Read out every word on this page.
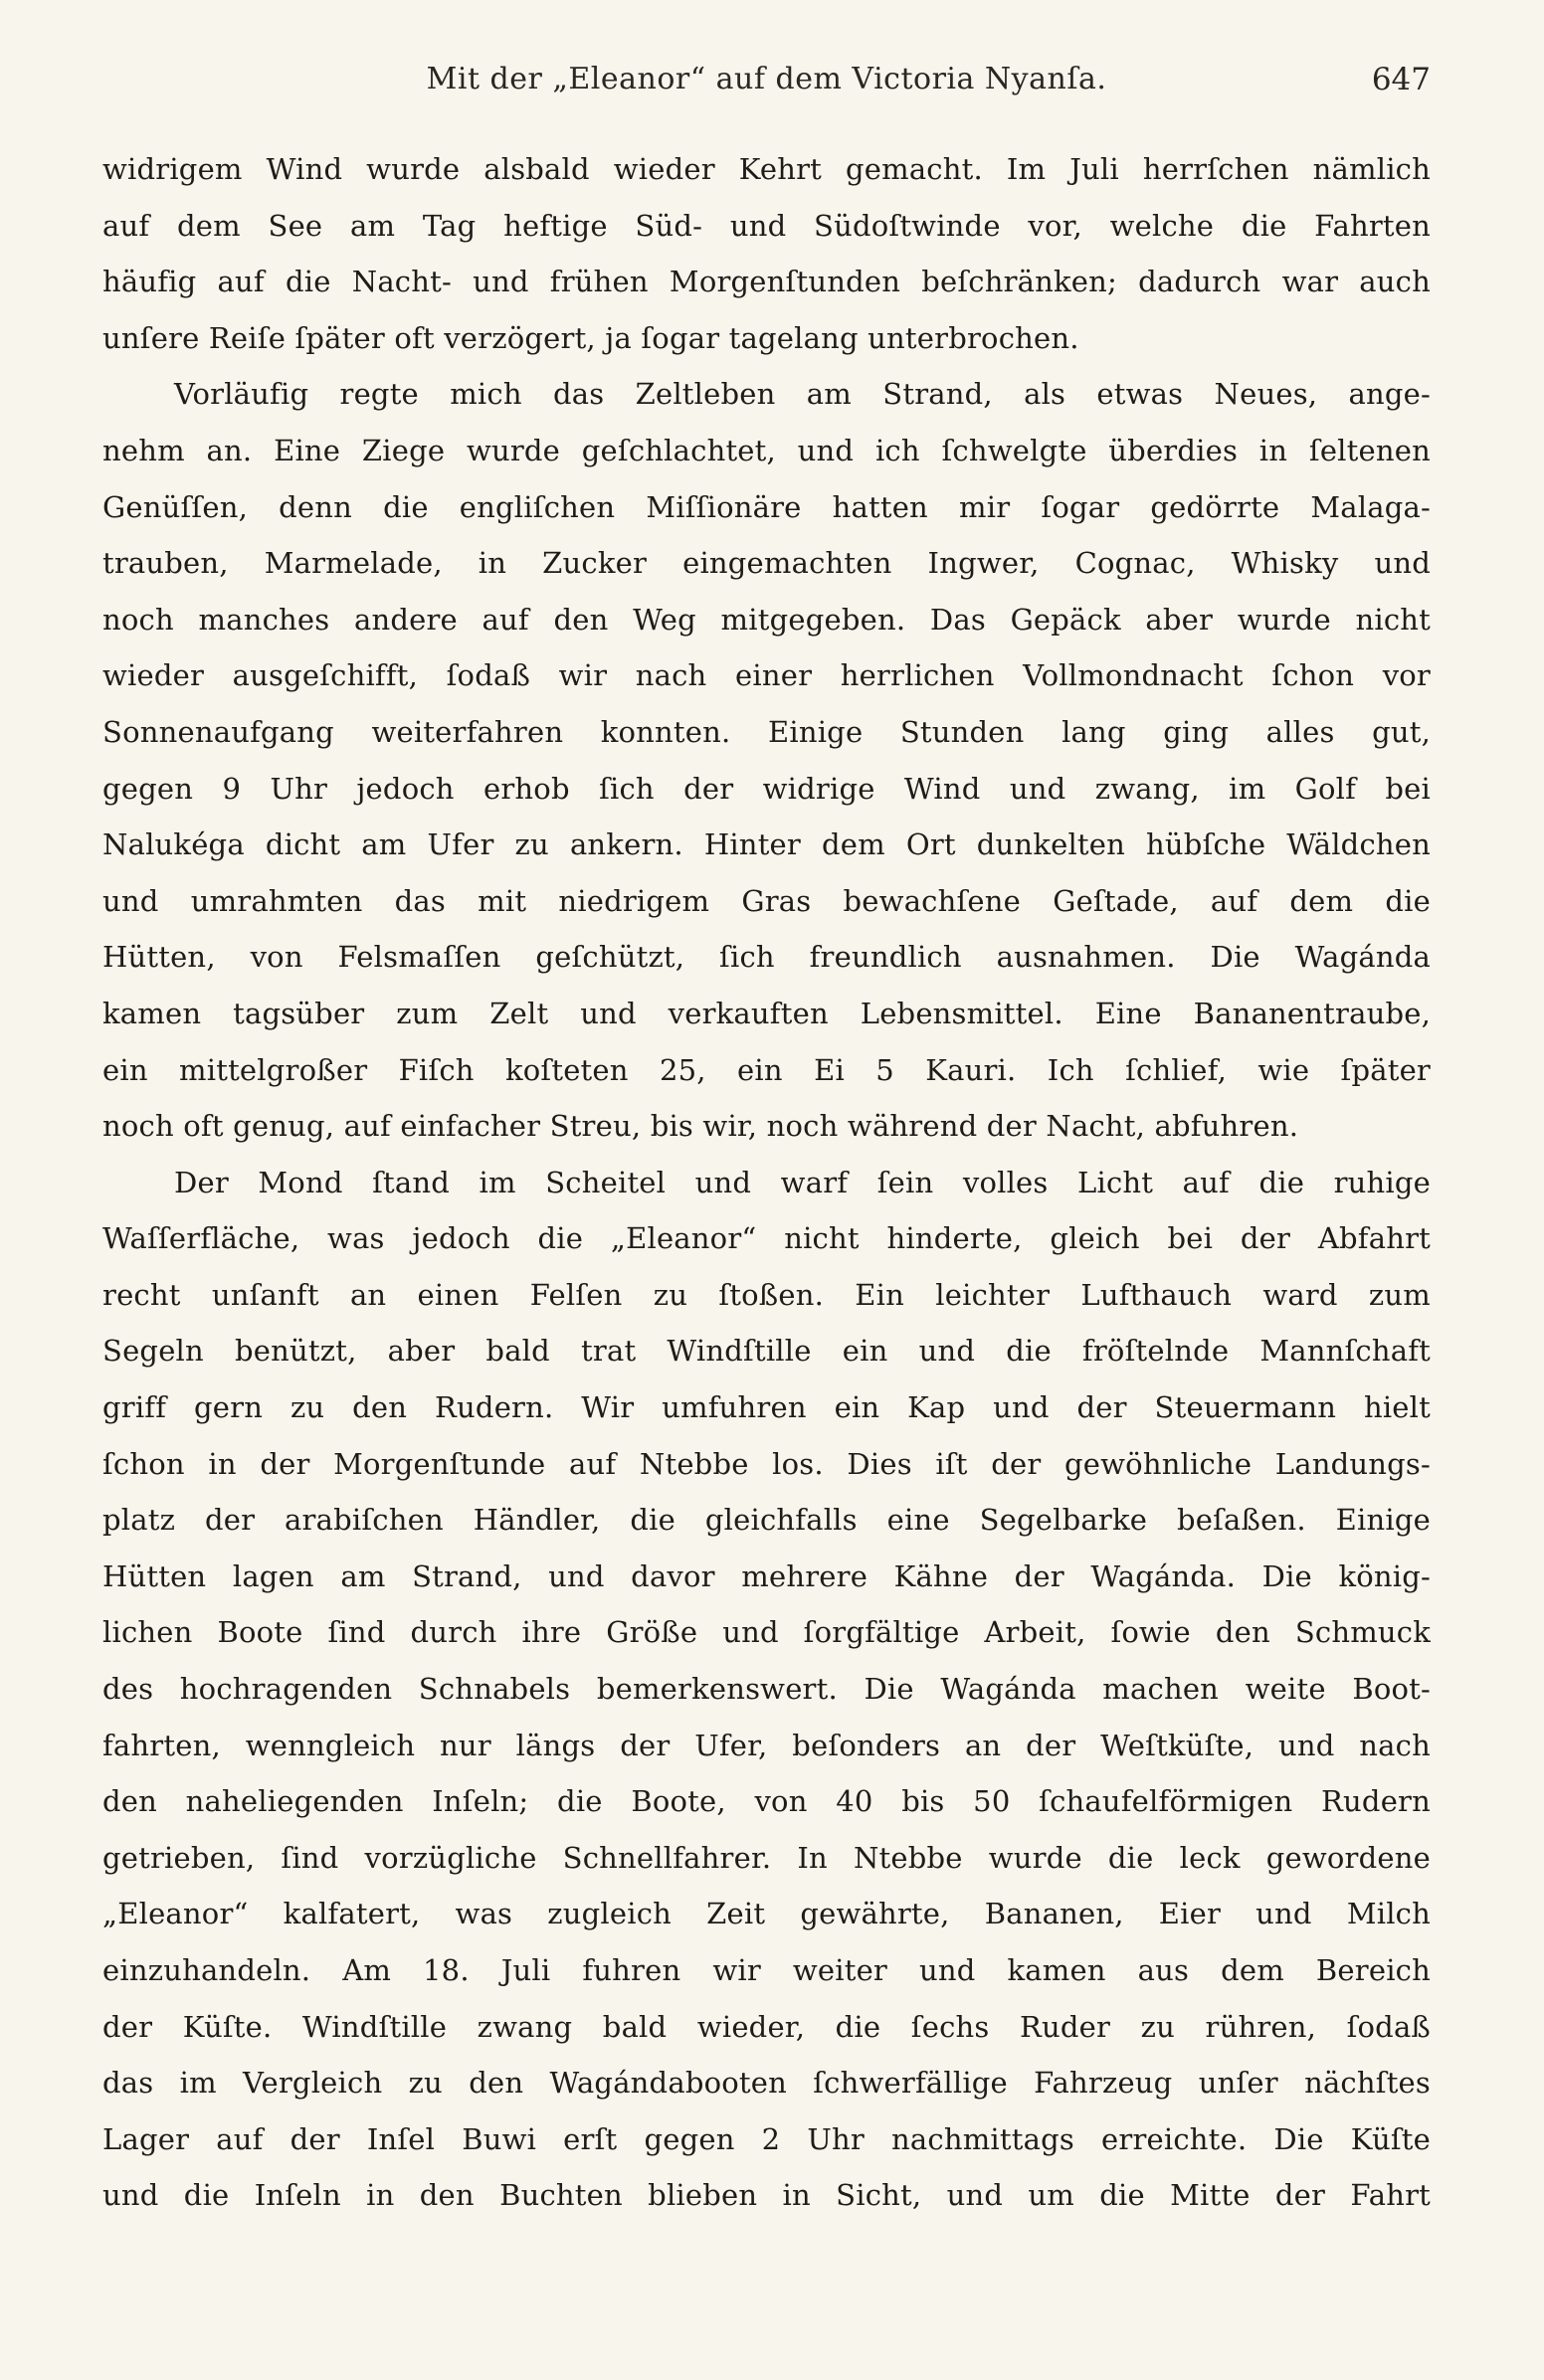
Mit der „Eleanor“ auf dem Victoria Nyanſa.	647
widrigem Wind wurde alsbald wieder Kehrt gemacht. Im Juli herrſchen nämlich
auf dem See am Tag heftige Süd- und Südoſtwinde vor, welche die Fahrten
häufig auf die Nacht- und frühen Morgenſtunden beſchränken; dadurch war auch
unſere Reiſe ſpäter oft verzögert, ja ſogar tagelang unterbrochen.
Vorläufig regte mich das Zeltleben am Strand, als etwas Neues, ange-
nehm an. Eine Ziege wurde geſchlachtet, und ich ſchwelgte überdies in ſeltenen
Genüſſen, denn die engliſchen Miſſionäre hatten mir ſogar gedörrte Malaga-
trauben, Marmelade, in Zucker eingemachten Ingwer, Cognac, Whisky und
noch manches andere auf den Weg mitgegeben. Das Gepäck aber wurde nicht
wieder ausgeſchifft, ſodaß wir nach einer herrlichen Vollmondnacht ſchon vor
Sonnenaufgang weiterfahren konnten. Einige Stunden lang ging alles gut,
gegen 9 Uhr jedoch erhob ſich der widrige Wind und zwang, im Golf bei
Nalukéga dicht am Ufer zu ankern. Hinter dem Ort dunkelten hübſche Wäldchen
und umrahmten das mit niedrigem Gras bewachſene Geſtade, auf dem die
Hütten, von Felsmaſſen geſchützt, ſich freundlich ausnahmen. Die Wagánda
kamen tagsüber zum Zelt und verkauften Lebensmittel. Eine Bananentraube,
ein mittelgroßer Fiſch koſteten 25, ein Ei 5 Kauri. Ich ſchlief, wie ſpäter
noch oft genug, auf einfacher Streu, bis wir, noch während der Nacht, abfuhren.
Der Mond ſtand im Scheitel und warf ſein volles Licht auf die ruhige
Waſſerfläche, was jedoch die „Eleanor“ nicht hinderte, gleich bei der Abfahrt
recht unſanft an einen Felſen zu ſtoßen. Ein leichter Lufthauch ward zum
Segeln benützt, aber bald trat Windſtille ein und die fröſtelnde Mannſchaft
griff gern zu den Rudern. Wir umfuhren ein Kap und der Steuermann hielt
ſchon in der Morgenſtunde auf Ntebbe los. Dies iſt der gewöhnliche Landungs-
platz der arabiſchen Händler, die gleichfalls eine Segelbarke beſaßen. Einige
Hütten lagen am Strand, und davor mehrere Kähne der Wagánda. Die könig-
lichen Boote ſind durch ihre Größe und ſorgfältige Arbeit, ſowie den Schmuck
des hochragenden Schnabels bemerkenswert. Die Wagánda machen weite Boot-
fahrten, wenngleich nur längs der Ufer, beſonders an der Weſtküſte, und nach
den naheliegenden Inſeln; die Boote, von 40 bis 50 ſchaufelförmigen Rudern
getrieben, ſind vorzügliche Schnellfahrer. In Ntebbe wurde die leck gewordene
„Eleanor“ kalfatert, was zugleich Zeit gewährte, Bananen, Eier und Milch
einzuhandeln. Am 18. Juli fuhren wir weiter und kamen aus dem Bereich
der Küſte. Windſtille zwang bald wieder, die ſechs Ruder zu rühren, ſodaß
das im Vergleich zu den Wagándabooten ſchwerfällige Fahrzeug unſer nächſtes
Lager auf der Inſel Buwi erſt gegen 2 Uhr nachmittags erreichte. Die Küſte
und die Inſeln in den Buchten blieben in Sicht, und um die Mitte der Fahrt
